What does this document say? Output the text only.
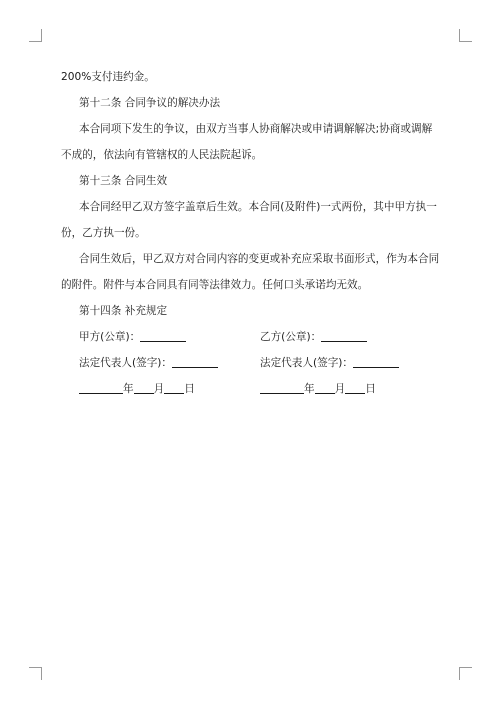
200%支付违约金。

第十二条 合同争议的解决办法

本合同项下发生的争议，由双方当事人协商解决或申请调解解决;协商或调解不成的，依法向有管辖权的人民法院起诉。

第十三条 合同生效

本合同经甲乙双方签字盖章后生效。本合同(及附件)一式两份，其中甲方执一份，乙方执一份。

合同生效后，甲乙双方对合同内容的变更或补充应采取书面形式，作为本合同的附件。附件与本合同具有同等法律效力。任何口头承诺均无效。

第十四条 补充规定

甲方(公章)：	乙方(公章)：
法定代表人(签字)：	法定代表人(签字)：
年 月 日	年 月 日
